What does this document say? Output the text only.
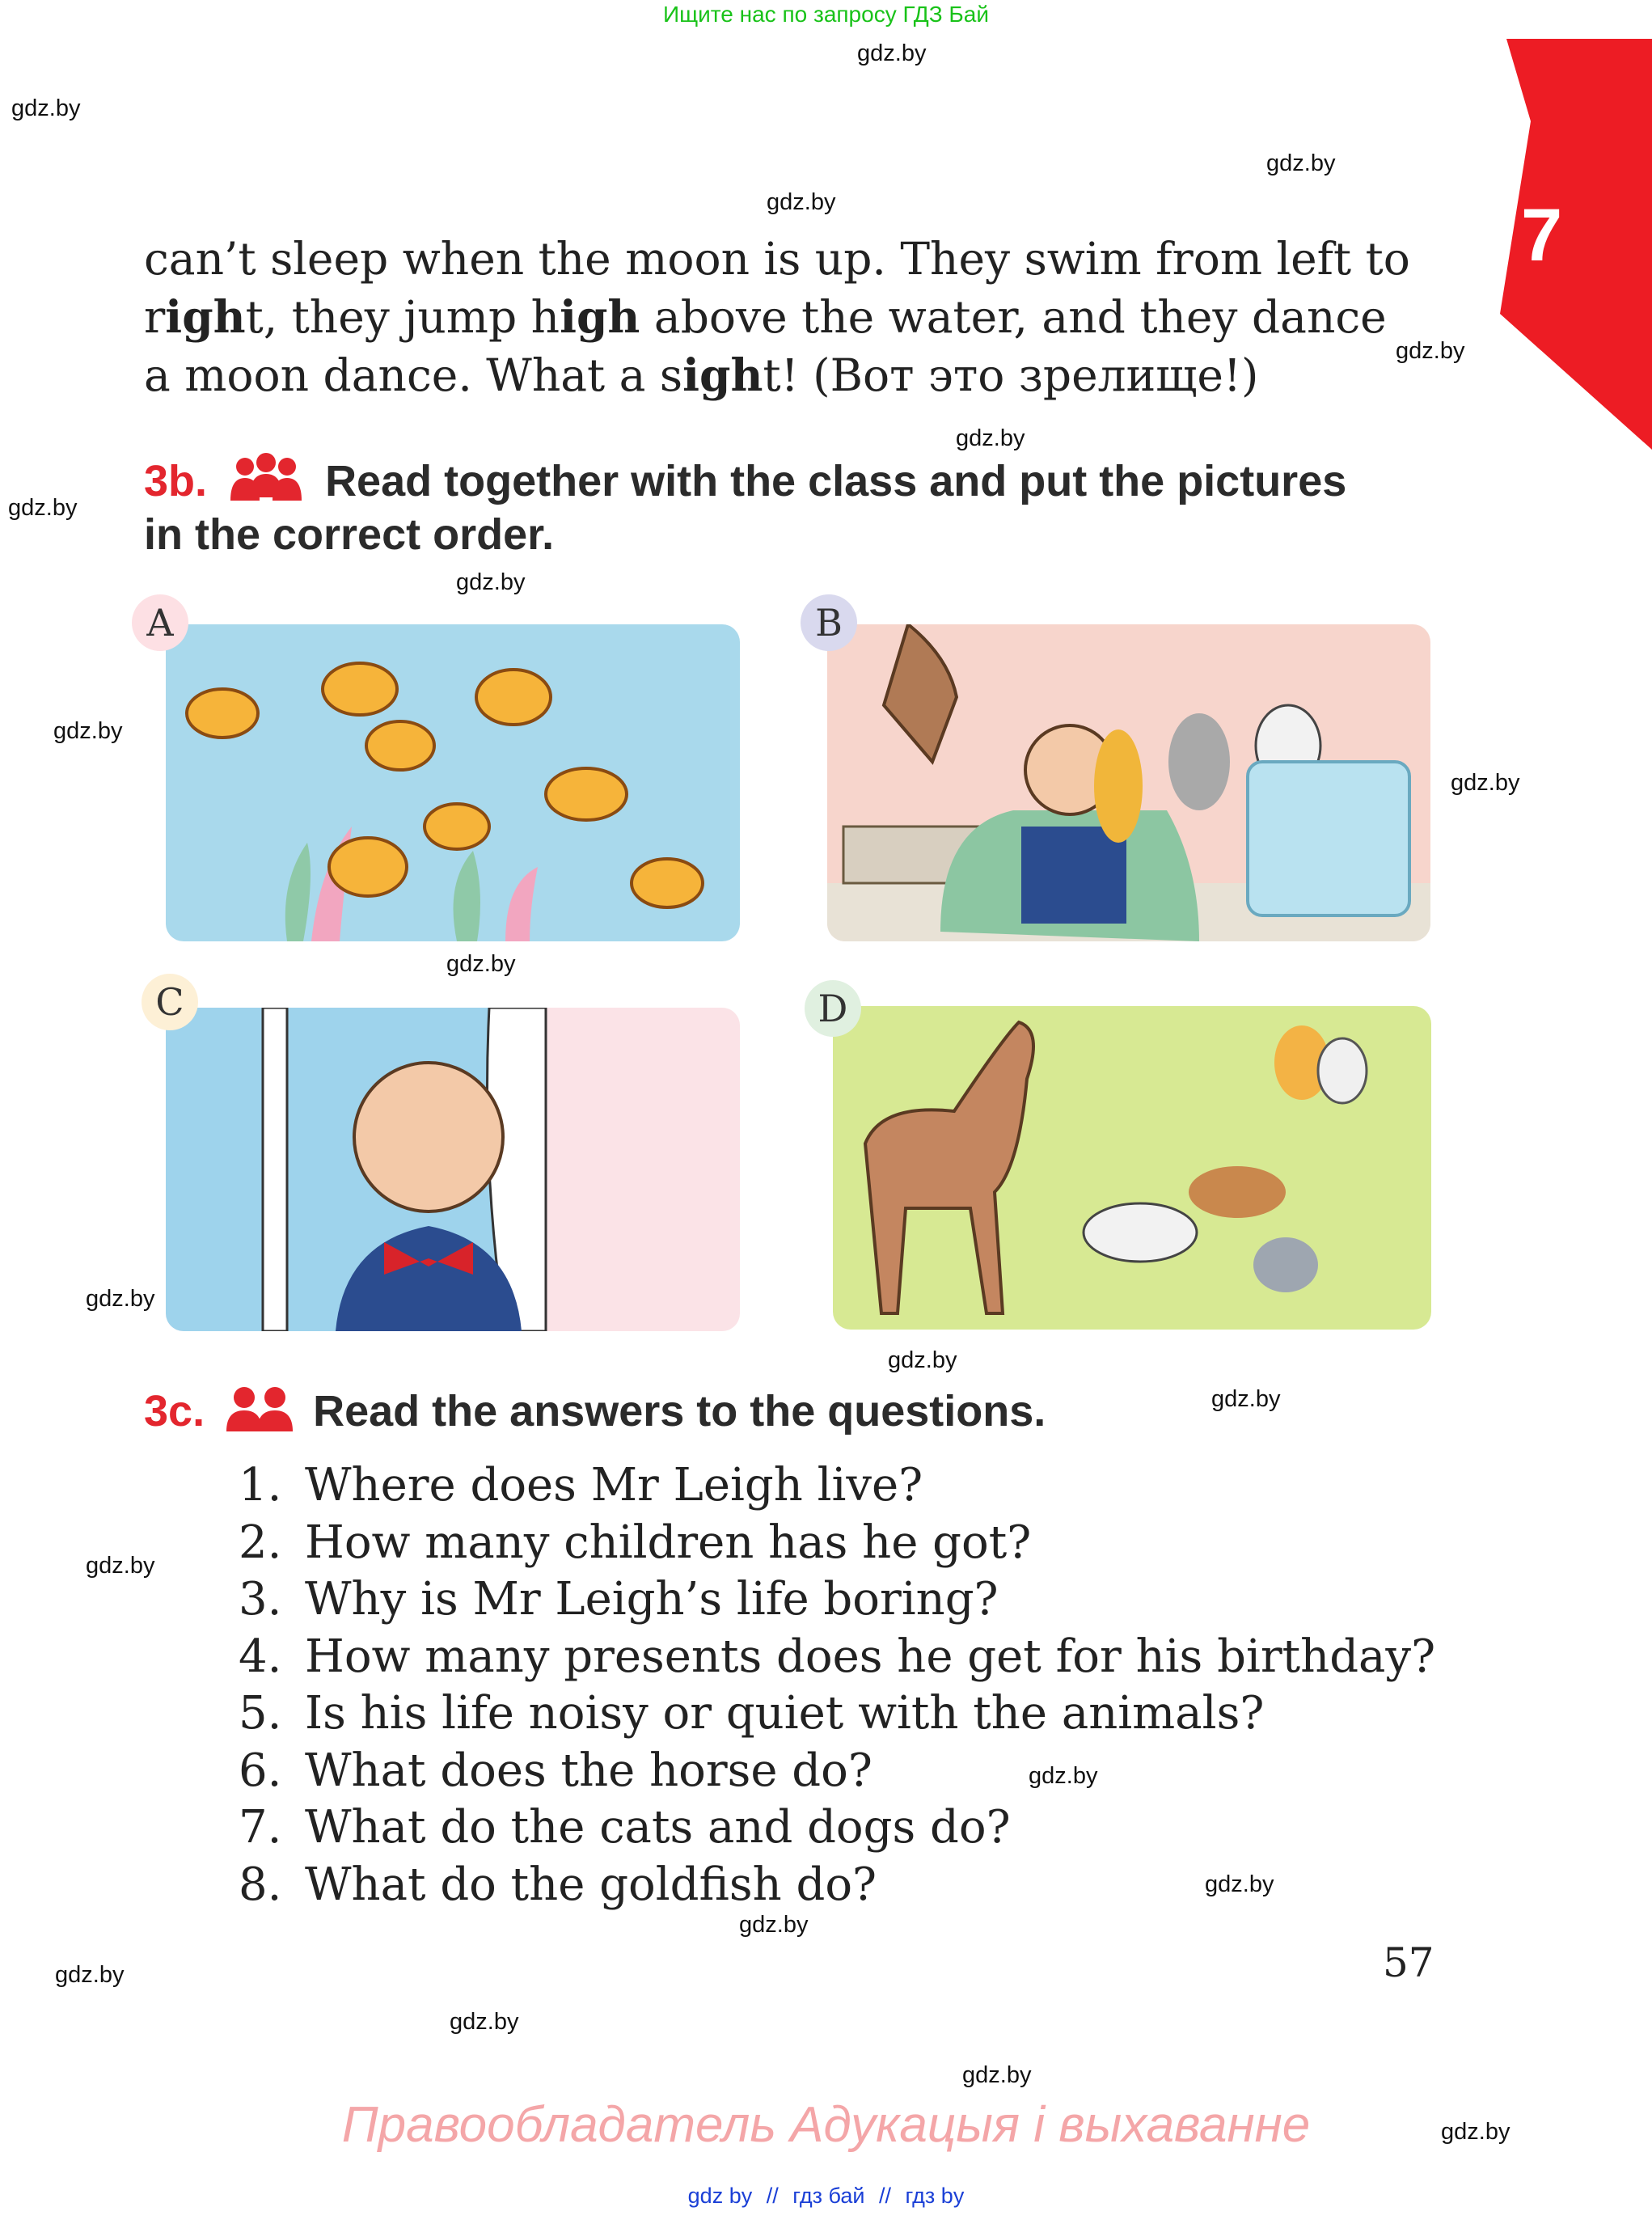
Ищите нас по запросу ГДЗ Бай
gdz.by
gdz.by
gdz.by
gdz.by
gdz.by
gdz.by
gdz.by
gdz.by
gdz.by
gdz.by
gdz.by
gdz.by
gdz.by
gdz.by
gdz.by
gdz.by
gdz.by
gdz.by
gdz.by
gdz.by
gdz.by
gdz.by
7
can’t sleep when the moon is up. They swim from left to
right, they jump high above the water, and they dance
a moon dance. What a sight! (Вот это зрелище!)
3b.	Read together with the class and put the pictures
in the correct order.
A	B
C	D
3c. Read the answers to the questions.
1. Where does Mr Leigh live?
2. How many children has he got?
3. Why is Mr Leigh’s life boring?
4. How many presents does he get for his birthday?
5. Is his life noisy or quiet with the animals?
6. What does the horse do?
7. What do the cats and dogs do?
8. What do the goldfish do?
57
Правообладатель Адукацыя і выхаванне
gdz by // гдз бай // гдз by
